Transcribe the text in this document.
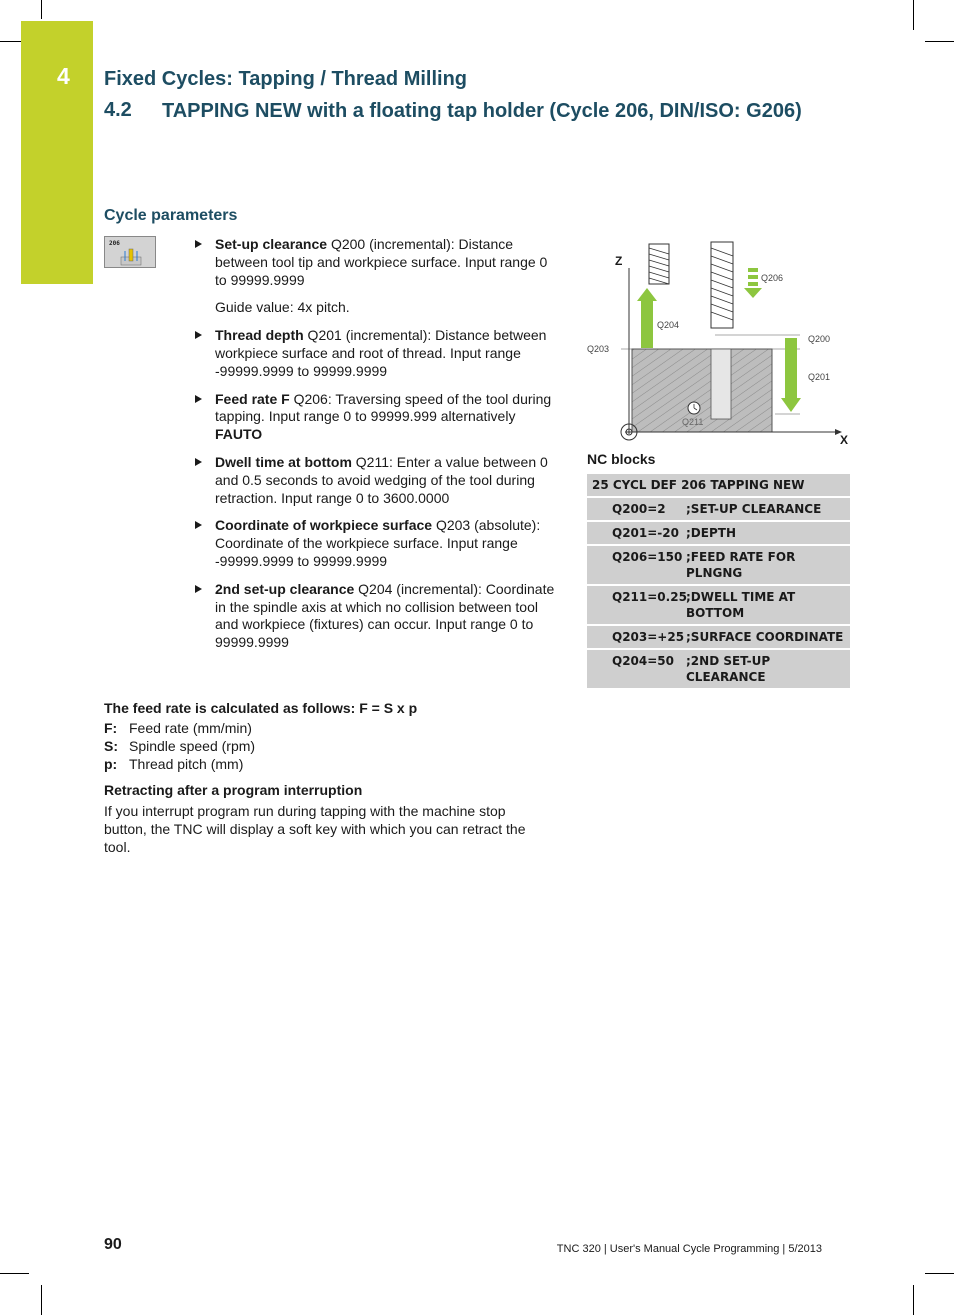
4 Fixed Cycles: Tapping / Thread Milling
4.2 TAPPING NEW with a floating tap holder (Cycle 206, DIN/ISO: G206)
Cycle parameters
206	Set-up clearance Q200 (incremental): Distance between tool tip and workpiece surface. Input range 0 to 99999.9999
Guide value: 4x pitch.
Thread depth Q201 (incremental): Distance between workpiece surface and root of thread. Input range -99999.9999 to 99999.9999
Feed rate F Q206: Traversing speed of the tool during tapping. Input range 0 to 99999.999 alternatively FAUTO
Dwell time at bottom Q211: Enter a value between 0 and 0.5 seconds to avoid wedging of the tool during retraction. Input range 0 to 3600.0000
Coordinate of workpiece surface Q203 (absolute): Coordinate of the workpiece surface. Input range -99999.9999 to 99999.9999
2nd set-up clearance Q204 (incremental): Coordinate in the spindle axis at which no collision between tool and workpiece (fixtures) can occur. Input range 0 to 99999.9999
The feed rate is calculated as follows: F = S x p
F: Feed rate (mm/min)
S: Spindle speed (rpm)
p: Thread pitch (mm)
Retracting after a program interruption
If you interrupt program run during tapping with the machine stop button, the TNC will display a soft key with which you can retract the tool.
Z
X
Q200
Q201
Q203
Q204
Q206
Q211
NC blocks
25 CYCL DEF 206 TAPPING NEW
Q200=2	;SET-UP CLEARANCE
Q201=-20 ;DEPTH
Q206=150 ;FEED RATE FOR PLNGNG
Q211=0.25 ;DWELL TIME AT BOTTOM
Q203=+25 ;SURFACE COORDINATE
Q204=50 ;2ND SET-UP CLEARANCE
90	TNC 320 | User's Manual Cycle Programming | 5/2013
